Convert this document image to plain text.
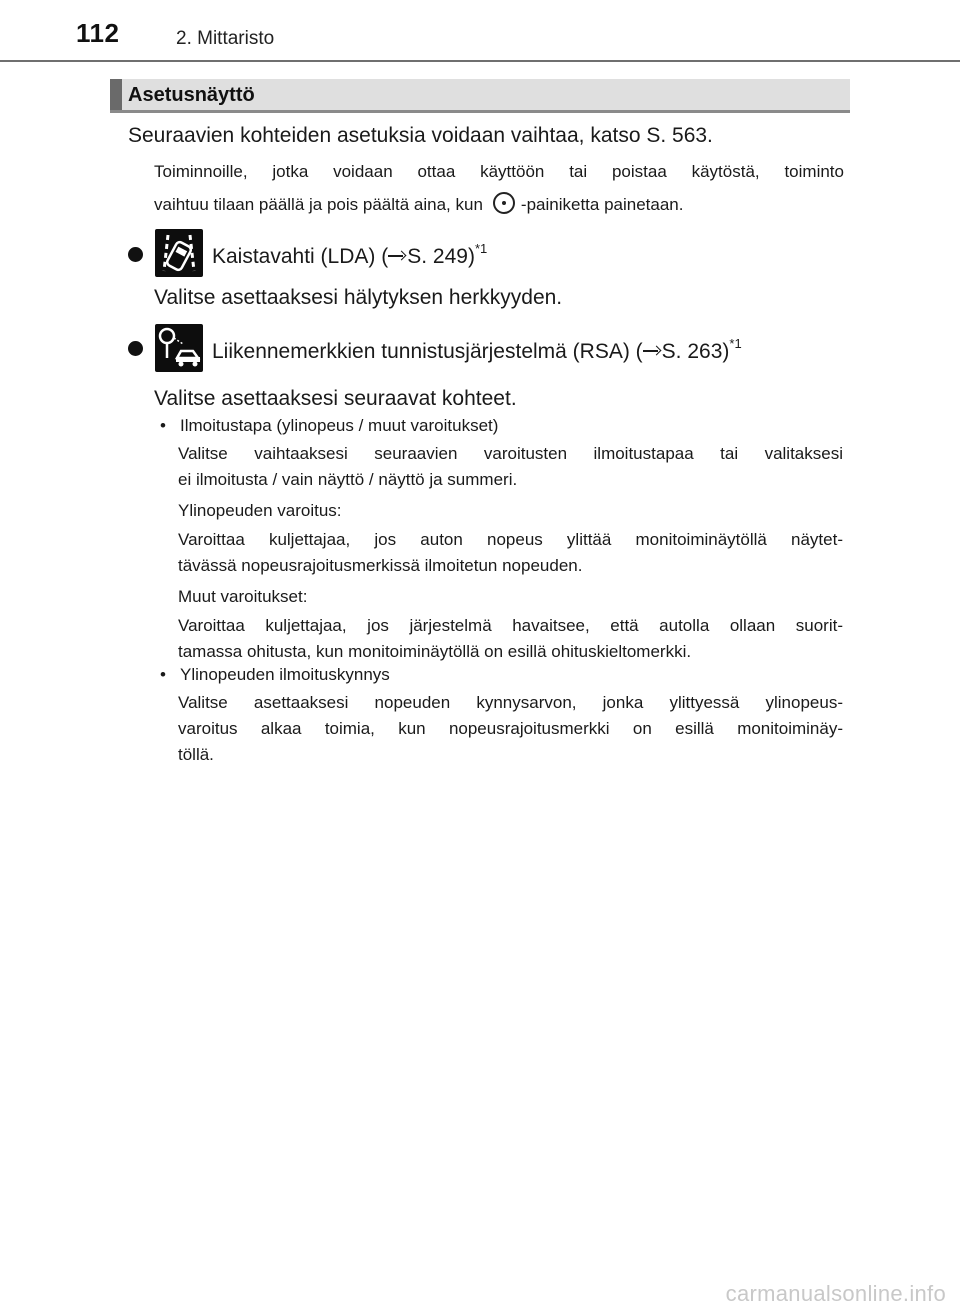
112	2. Mittaristo
Asetusnäyttö
Seuraavien kohteiden asetuksia voidaan vaihtaa, katso S. 563.
Toiminnoille, jotka voidaan ottaa käyttöön tai poistaa käytöstä, toiminto
vaihtuu tilaan päällä ja pois päältä aina, kun -painiketta painetaan.
Kaistavahti (LDA) ( S. 249)$^{*1}$
Valitse asettaaksesi hälytyksen herkkyyden.
Liikennemerkkien tunnistusjärjestelmä (RSA) ( S. 263)$^{*1}$
Valitse asettaaksesi seuraavat kohteet.
• Ilmoitustapa (ylinopeus / muut varoitukset)
Valitse vaihtaaksesi seuraavien varoitusten ilmoitustapaa tai valitaksesi
ei ilmoitusta / vain näyttö / näyttö ja summeri.
Ylinopeuden varoitus:
Varoittaa kuljettajaa, jos auton nopeus ylittää monitoiminäytöllä näytet-
tävässä nopeusrajoitusmerkissä ilmoitetun nopeuden.
Muut varoitukset:
Varoittaa kuljettajaa, jos järjestelmä havaitsee, että autolla ollaan suorit-
tamassa ohitusta, kun monitoiminäytöllä on esillä ohituskieltomerkki.
• Ylinopeuden ilmoituskynnys
Valitse asettaaksesi nopeuden kynnysarvon, jonka ylittyessä ylinopeus-
varoitus alkaa toimia, kun nopeusrajoitusmerkki on esillä monitoiminäy-
töllä.
carmanualsonline.info
